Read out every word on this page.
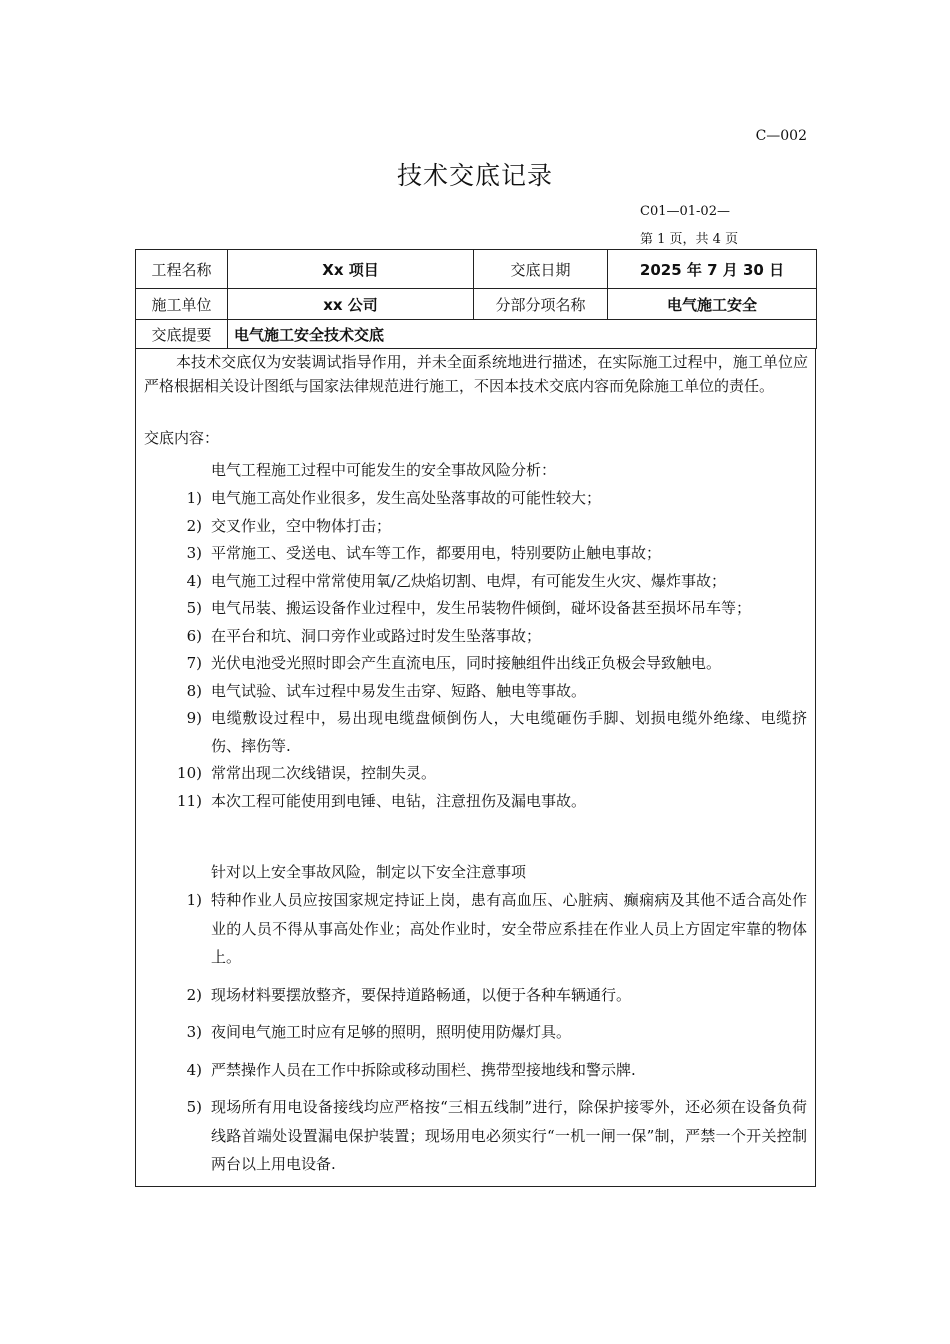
C—002
技术交底记录
C01—01-02—
第 1 页，共 4 页
工程名称	Xx 项目	交底日期	2025 年 7 月 30 日
施工单位	xx 公司	分部分项名称	电气施工安全
交底提要	电气施工安全技术交底		
本技术交底仅为安装调试指导作用，并未全面系统地进行描述，在实际施工过程中，施工单位应严格根据相关设计图纸与国家法律规范进行施工，不因本技术交底内容而免除施工单位的责任。
交底内容：
电气工程施工过程中可能发生的安全事故风险分析：
1) 电气施工高处作业很多，发生高处坠落事故的可能性较大；
2) 交叉作业，空中物体打击；
3) 平常施工、受送电、试车等工作，都要用电，特别要防止触电事故；
4) 电气施工过程中常常使用氧/乙炔焰切割、电焊，有可能发生火灾、爆炸事故；
5) 电气吊装、搬运设备作业过程中，发生吊装物件倾倒，碰坏设备甚至损坏吊车等；
6) 在平台和坑、洞口旁作业或路过时发生坠落事故；
7) 光伏电池受光照时即会产生直流电压，同时接触组件出线正负极会导致触电。
8) 电气试验、试车过程中易发生击穿、短路、触电等事故。
9) 电缆敷设过程中，易出现电缆盘倾倒伤人，大电缆砸伤手脚、划损电缆外绝缘、电缆挤伤、摔伤等.
10) 常常出现二次线错误，控制失灵。
11) 本次工程可能使用到电锤、电钻，注意扭伤及漏电事故。
针对以上安全事故风险，制定以下安全注意事项
1) 特种作业人员应按国家规定持证上岗，患有高血压、心脏病、癫痫病及其他不适合高处作业的人员不得从事高处作业；高处作业时，安全带应系挂在作业人员上方固定牢靠的物体上。
2) 现场材料要摆放整齐，要保持道路畅通，以便于各种车辆通行。
3) 夜间电气施工时应有足够的照明，照明使用防爆灯具。
4) 严禁操作人员在工作中拆除或移动围栏、携带型接地线和警示牌.
5) 现场所有用电设备接线均应严格按“三相五线制”进行，除保护接零外，还必须在设备负荷线路首端处设置漏电保护装置；现场用电必须实行“一机一闸一保”制，严禁一个开关控制两台以上用电设备.
